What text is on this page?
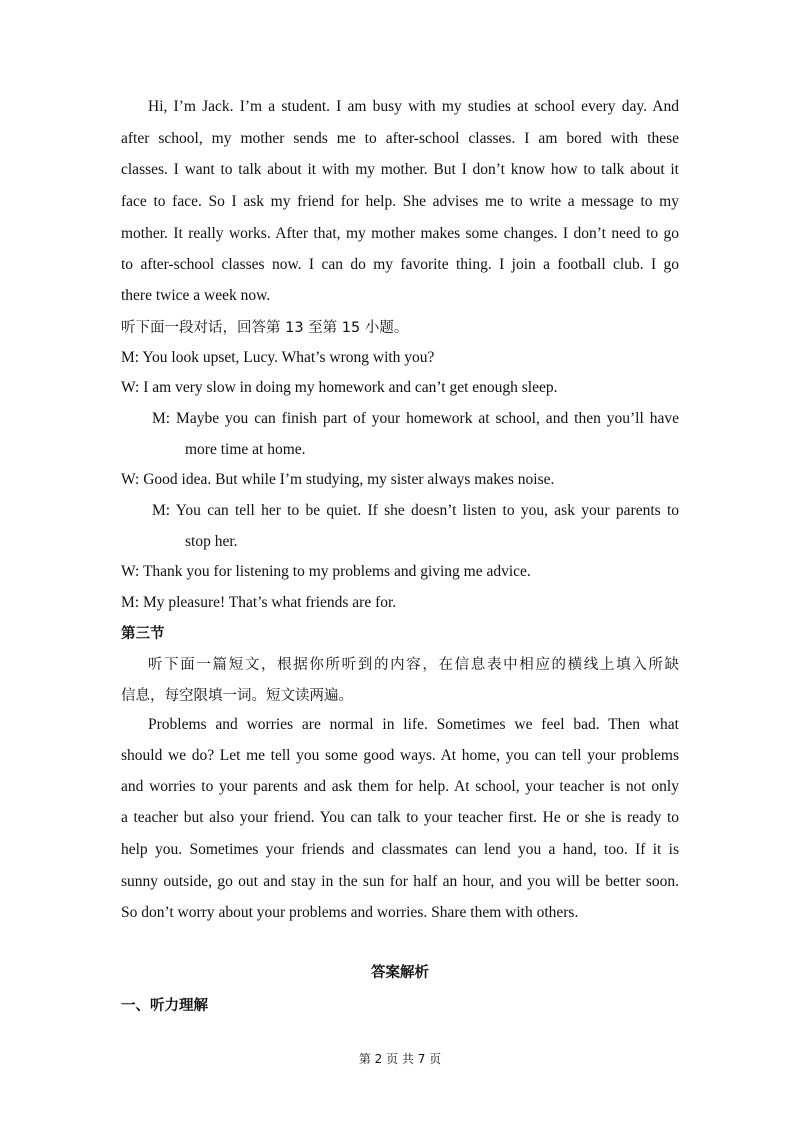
Hi, I’m Jack. I’m a student. I am busy with my studies at school every day. And
after school, my mother sends me to after-school classes. I am bored with these
classes. I want to talk about it with my mother. But I don’t know how to talk about it
face to face. So I ask my friend for help. She advises me to write a message to my
mother. It really works. After that, my mother makes some changes. I don’t need to go
to after-school classes now. I can do my favorite thing. I join a football club. I go
there twice a week now.
听下面一段对话，回答第 13 至第 15 小题。
M: You look upset, Lucy. What’s wrong with you?
W: I am very slow in doing my homework and can’t get enough sleep.
M: Maybe you can finish part of your homework at school, and then you’ll have
more time at home.
W: Good idea. But while I’m studying, my sister always makes noise.
M: You can tell her to be quiet. If she doesn’t listen to you, ask your parents to
stop her.
W: Thank you for listening to my problems and giving me advice.
M: My pleasure! That’s what friends are for.
第三节
听下面一篇短文，根据你所听到的内容，在信息表中相应的横线上填入所缺
信息，每空限填一词。短文读两遍。
Problems and worries are normal in life. Sometimes we feel bad. Then what
should we do? Let me tell you some good ways. At home, you can tell your problems
and worries to your parents and ask them for help. At school, your teacher is not only
a teacher but also your friend. You can talk to your teacher first. He or she is ready to
help you. Sometimes your friends and classmates can lend you a hand, too. If it is
sunny outside, go out and stay in the sun for half an hour, and you will be better soon.
So don’t worry about your problems and worries. Share them with others.
答案解析
一、听力理解
第 2 页 共 7 页
